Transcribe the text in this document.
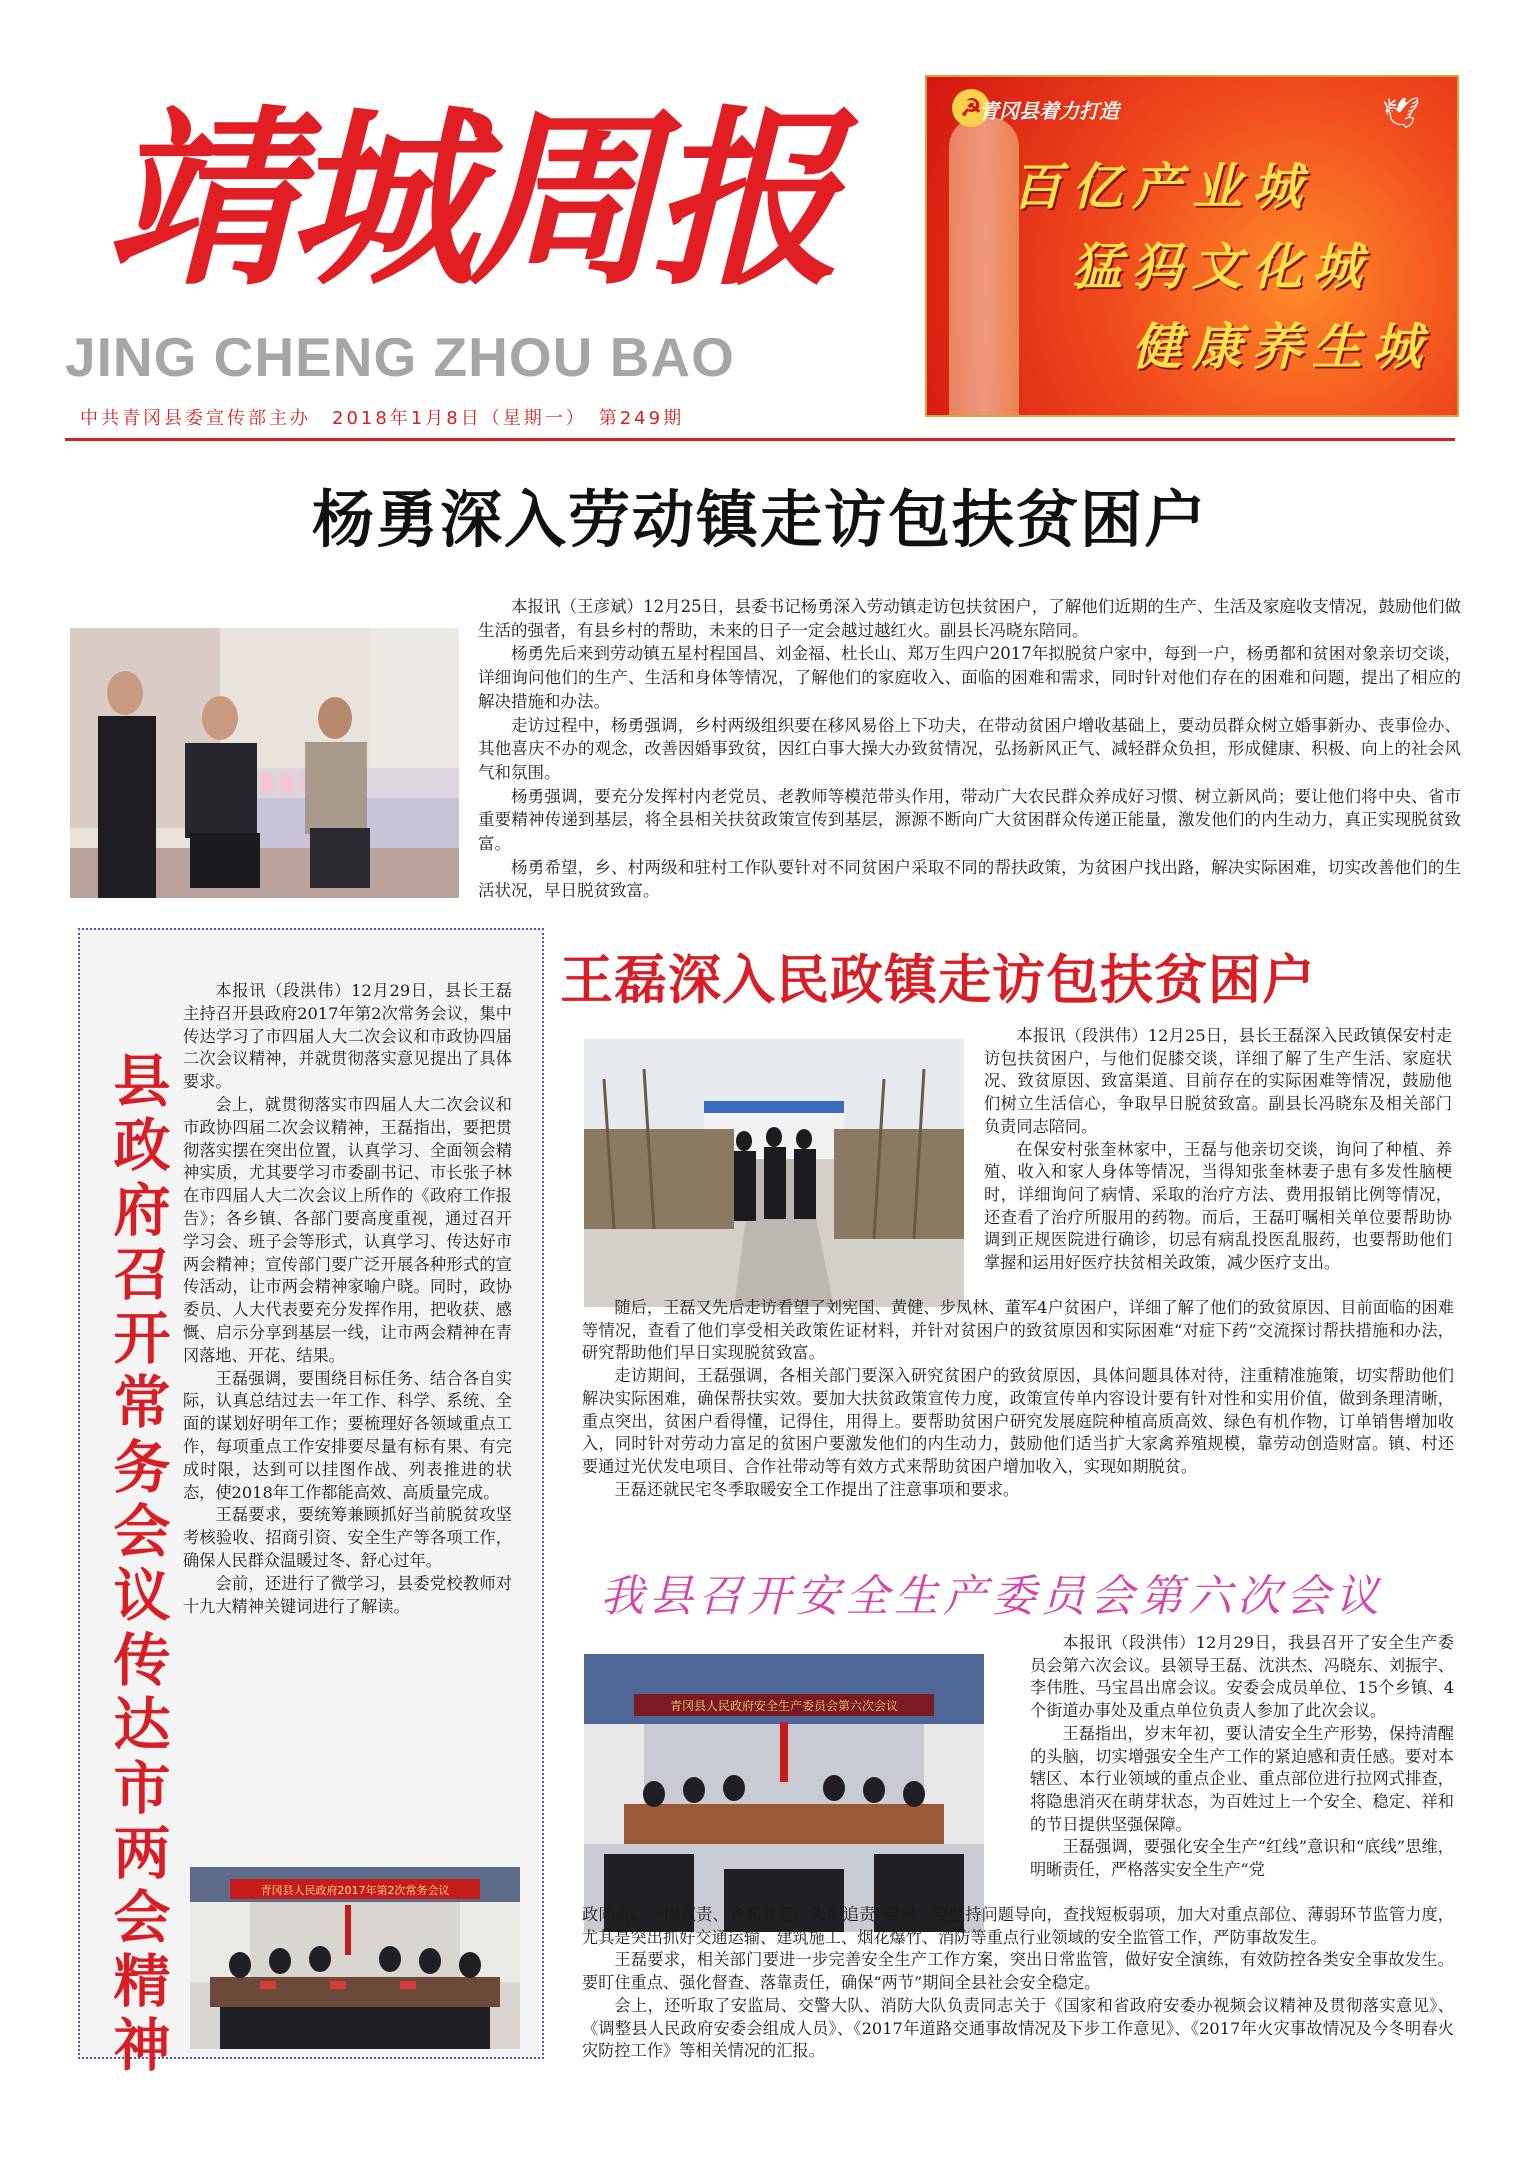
靖城周报
JING CHENG ZHOU BAO
中共青冈县委宣传部主办　2018年1月8日（星期一）　第249期
☭	🕊
青冈县着力打造
百亿产业城
猛犸文化城
健康养生城
杨勇深入劳动镇走访包扶贫困户

本报讯（王彦斌）12月25日，县委书记杨勇深入劳动镇走访包扶贫困户，了解他们近期的生产、生活及家庭收支情况，鼓励他们做生活的强者，有县乡村的帮助，未来的日子一定会越过越红火。副县长冯晓东陪同。

杨勇先后来到劳动镇五星村程国昌、刘金福、杜长山、郑万生四户2017年拟脱贫户家中，每到一户，杨勇都和贫困对象亲切交谈，详细询问他们的生产、生活和身体等情况，了解他们的家庭收入、面临的困难和需求，同时针对他们存在的困难和问题，提出了相应的解决措施和办法。

走访过程中，杨勇强调，乡村两级组织要在移风易俗上下功夫，在带动贫困户增收基础上，要动员群众树立婚事新办、丧事俭办、其他喜庆不办的观念，改善因婚事致贫，因红白事大操大办致贫情况，弘扬新风正气、减轻群众负担，形成健康、积极、向上的社会风气和氛围。

杨勇强调，要充分发挥村内老党员、老教师等模范带头作用，带动广大农民群众养成好习惯、树立新风尚；要让他们将中央、省市重要精神传递到基层，将全县相关扶贫政策宣传到基层，源源不断向广大贫困群众传递正能量，激发他们的内生动力，真正实现脱贫致富。

杨勇希望，乡、村两级和驻村工作队要针对不同贫困户采取不同的帮扶政策，为贫困户找出路，解决实际困难，切实改善他们的生活状况，早日脱贫致富。

县政府召开常务会议传达市两会精神

本报讯（段洪伟）12月29日，县长王磊主持召开县政府2017年第2次常务会议，集中传达学习了市四届人大二次会议和市政协四届二次会议精神，并就贯彻落实意见提出了具体要求。

会上，就贯彻落实市四届人大二次会议和市政协四届二次会议精神，王磊指出，要把贯彻落实摆在突出位置，认真学习、全面领会精神实质，尤其要学习市委副书记、市长张子林在市四届人大二次会议上所作的《政府工作报告》；各乡镇、各部门要高度重视，通过召开学习会、班子会等形式，认真学习、传达好市两会精神；宣传部门要广泛开展各种形式的宣传活动，让市两会精神家喻户晓。同时，政协委员、人大代表要充分发挥作用，把收获、感慨、启示分享到基层一线，让市两会精神在青冈落地、开花、结果。

王磊强调，要围绕目标任务、结合各自实际，认真总结过去一年工作、科学、系统、全面的谋划好明年工作；要梳理好各领域重点工作，每项重点工作安排要尽量有标有果、有完成时限，达到可以挂图作战、列表推进的状态，使2018年工作都能高效、高质量完成。

王磊要求，要统筹兼顾抓好当前脱贫攻坚考核验收、招商引资、安全生产等各项工作，确保人民群众温暖过冬、舒心过年。

会前，还进行了微学习，县委党校教师对十九大精神关键词进行了解读。

青冈县人民政府2017年第2次常务会议
王磊深入民政镇走访包扶贫困户

本报讯（段洪伟）12月25日，县长王磊深入民政镇保安村走访包扶贫困户，与他们促膝交谈，详细了解了生产生活、家庭状况、致贫原因、致富渠道、目前存在的实际困难等情况，鼓励他们树立生活信心，争取早日脱贫致富。副县长冯晓东及相关部门负责同志陪同。

在保安村张奎林家中，王磊与他亲切交谈，询问了种植、养殖、收入和家人身体等情况，当得知张奎林妻子患有多发性脑梗时，详细询问了病情、采取的治疗方法、费用报销比例等情况，还查看了治疗所服用的药物。而后，王磊叮嘱相关单位要帮助协调到正规医院进行确诊，切忌有病乱投医乱服药，也要帮助他们掌握和运用好医疗扶贫相关政策，减少医疗支出。

随后，王磊又先后走访看望了刘宪国、黄健、步凤林、董军4户贫困户，详细了解了他们的致贫原因、目前面临的困难等情况，查看了他们享受相关政策佐证材料，并针对贫困户的致贫原因和实际困难“对症下药”交流探讨帮扶措施和办法，研究帮助他们早日实现脱贫致富。

走访期间，王磊强调，各相关部门要深入研究贫困户的致贫原因，具体问题具体对待，注重精准施策，切实帮助他们解决实际困难，确保帮扶实效。要加大扶贫政策宣传力度，政策宣传单内容设计要有针对性和实用价值，做到条理清晰，重点突出，贫困户看得懂，记得住，用得上。要帮助贫困户研究发展庭院种植高质高效、绿色有机作物，订单销售增加收入，同时针对劳动力富足的贫困户要激发他们的内生动力，鼓励他们适当扩大家禽养殖规模，靠劳动创造财富。镇、村还要通过光伏发电项目、合作社带动等有效方式来帮助贫困户增加收入，实现如期脱贫。

王磊还就民宅冬季取暖安全工作提出了注意事项和要求。

我县召开安全生产委员会第六次会议
青冈县人民政府安全生产委员会第六次会议

本报讯（段洪伟）12月29日，我县召开了安全生产委员会第六次会议。县领导王磊、沈洪杰、冯晓东、刘振宇、李伟胜、马宝昌出席会议。安委会成员单位、15个乡镇、4个街道办事处及重点单位负责人参加了此次会议。

王磊指出，岁末年初，要认清安全生产形势，保持清醒的头脑，切实增强安全生产工作的紧迫感和责任感。要对本辖区、本行业领域的重点企业、重点部位进行拉网式排查，将隐患消灭在萌芽状态，为百姓过上一个安全、稳定、祥和的节日提供坚强保障。

王磊强调，要强化安全生产“红线”意识和“底线”思维，明晰责任，严格落实安全生产“党

政同责、一岗双责、齐抓共管、失职追责”要求。要坚持问题导向，查找短板弱项，加大对重点部位、薄弱环节监管力度，尤其是突出抓好交通运输、建筑施工、烟花爆竹、消防等重点行业领域的安全监管工作，严防事故发生。

王磊要求，相关部门要进一步完善安全生产工作方案，突出日常监管，做好安全演练，有效防控各类安全事故发生。要盯住重点、强化督查、落靠责任，确保“两节”期间全县社会安全稳定。

会上，还听取了安监局、交警大队、消防大队负责同志关于《国家和省政府安委办视频会议精神及贯彻落实意见》、《调整县人民政府安委会组成人员》、《2017年道路交通事故情况及下步工作意见》、《2017年火灾事故情况及今冬明春火灾防控工作》等相关情况的汇报。
